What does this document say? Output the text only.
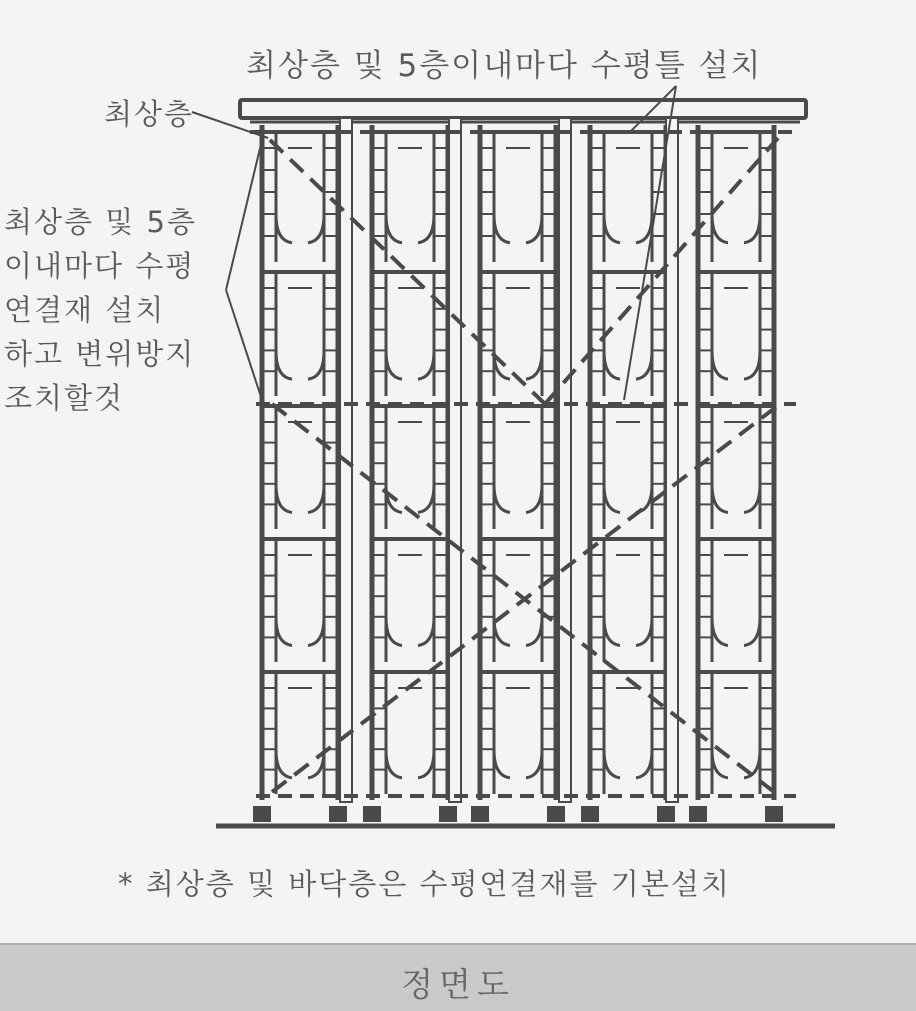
최상층 및 5층이내마다 수평틀 설치
최상층
최상층 및 5층
이내마다 수평
연결재 설치
하고 변위방지
조치할것
* 최상층 및 바닥층은 수평연결재를 기본설치
정면도
